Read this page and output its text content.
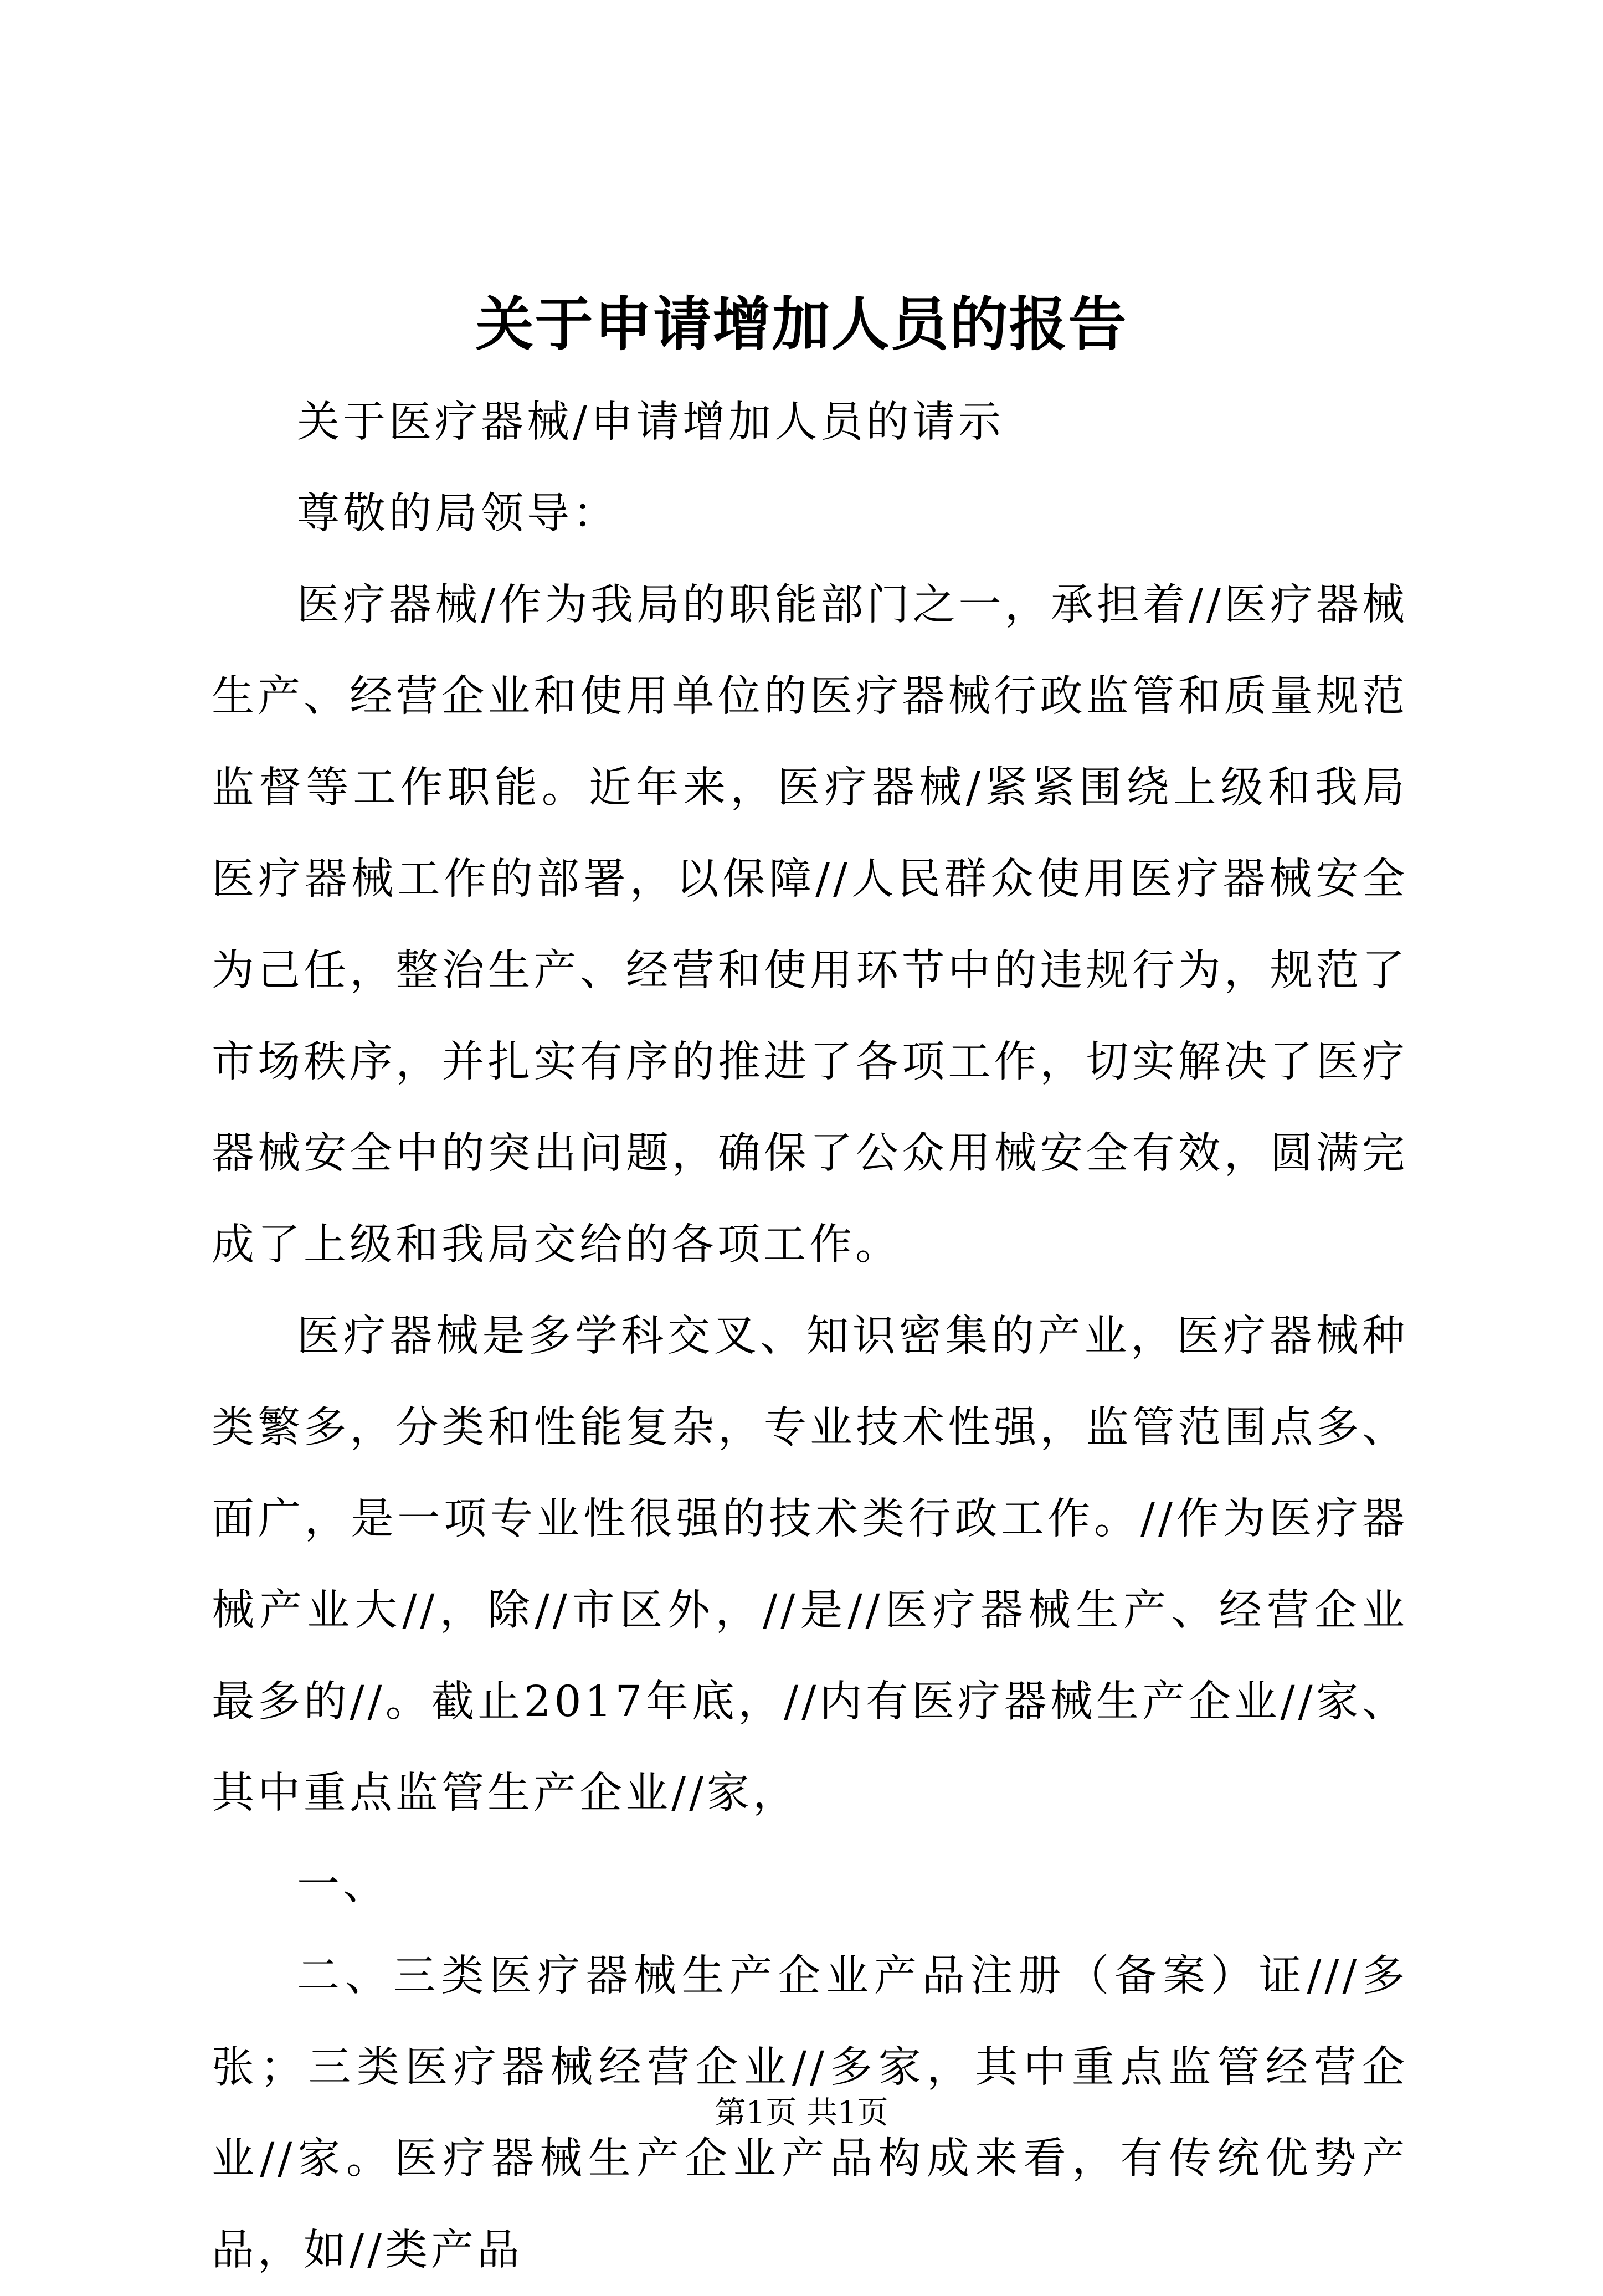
关于申请增加人员的报告

关于医疗器械/申请增加人员的请示

尊敬的局领导：

医疗器械/作为我局的职能部门之一，承担着//医疗器械生产、经营企业和使用单位的医疗器械行政监管和质量规范监督等工作职能。近年来，医疗器械/紧紧围绕上级和我局医疗器械工作的部署，以保障//人民群众使用医疗器械安全为己任，整治生产、经营和使用环节中的违规行为，规范了市场秩序，并扎实有序的推进了各项工作，切实解决了医疗器械安全中的突出问题，确保了公众用械安全有效，圆满完成了上级和我局交给的各项工作。

医疗器械是多学科交叉、知识密集的产业，医疗器械种类繁多，分类和性能复杂，专业技术性强，监管范围点多、面广，是一项专业性很强的技术类行政工作。//作为医疗器械产业大//，除//市区外，//是//医疗器械生产、经营企业最多的//。截止2017年底，//内有医疗器械生产企业//家、其中重点监管生产企业//家，

一、

二、三类医疗器械生产企业产品注册（备案）证///多张；三类医疗器械经营企业//多家，其中重点监管经营企业//家。医疗器械生产企业产品构成来看，有传统优势产品，如//类产品

第1页 共1页
